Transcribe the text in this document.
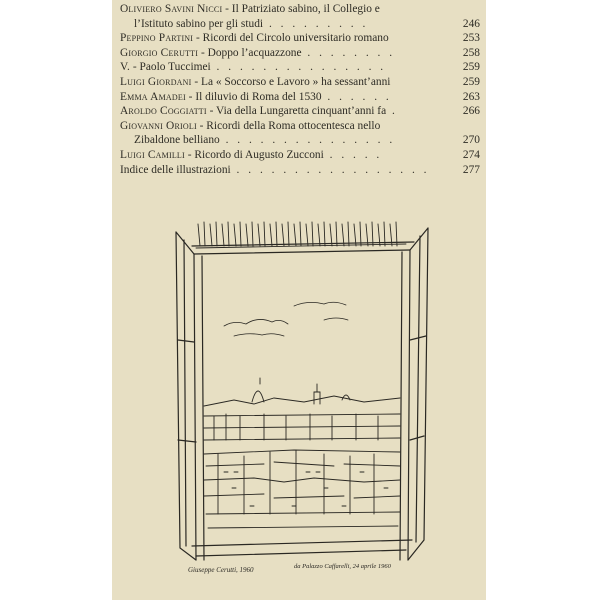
Oliviero Savini Nicci - Il Patriziato sabino, il Collegio e
l’Istituto sabino per gli studi . . . . . . . . .	246
Peppino Partini - Ricordi del Circolo universitario romano	253
Giorgio Cerutti - Doppo l’acquazzone . . . . . . . .	258
V. - Paolo Tuccimei . . . . . . . . . . . . . . .	259
Luigi Giordani - La « Soccorso e Lavoro » ha sessant’anni	259
Emma Amadei - Il diluvio di Roma del 1530 . . . . . .	263
Aroldo Coggiatti - Via della Lungaretta cinquant’anni fa .	266
Giovanni Orioli - Ricordi della Roma ottocentesca nello
Zibaldone belliano . . . . . . . . . . . . . . .	270
Luigi Camilli - Ricordo di Augusto Zucconi . . . . .	274
Indice delle illustrazioni . . . . . . . . . . . . . . . . .	277
Giuseppe Cerutti, 1960	da Palazzo Caffarelli, 24 aprile 1960
